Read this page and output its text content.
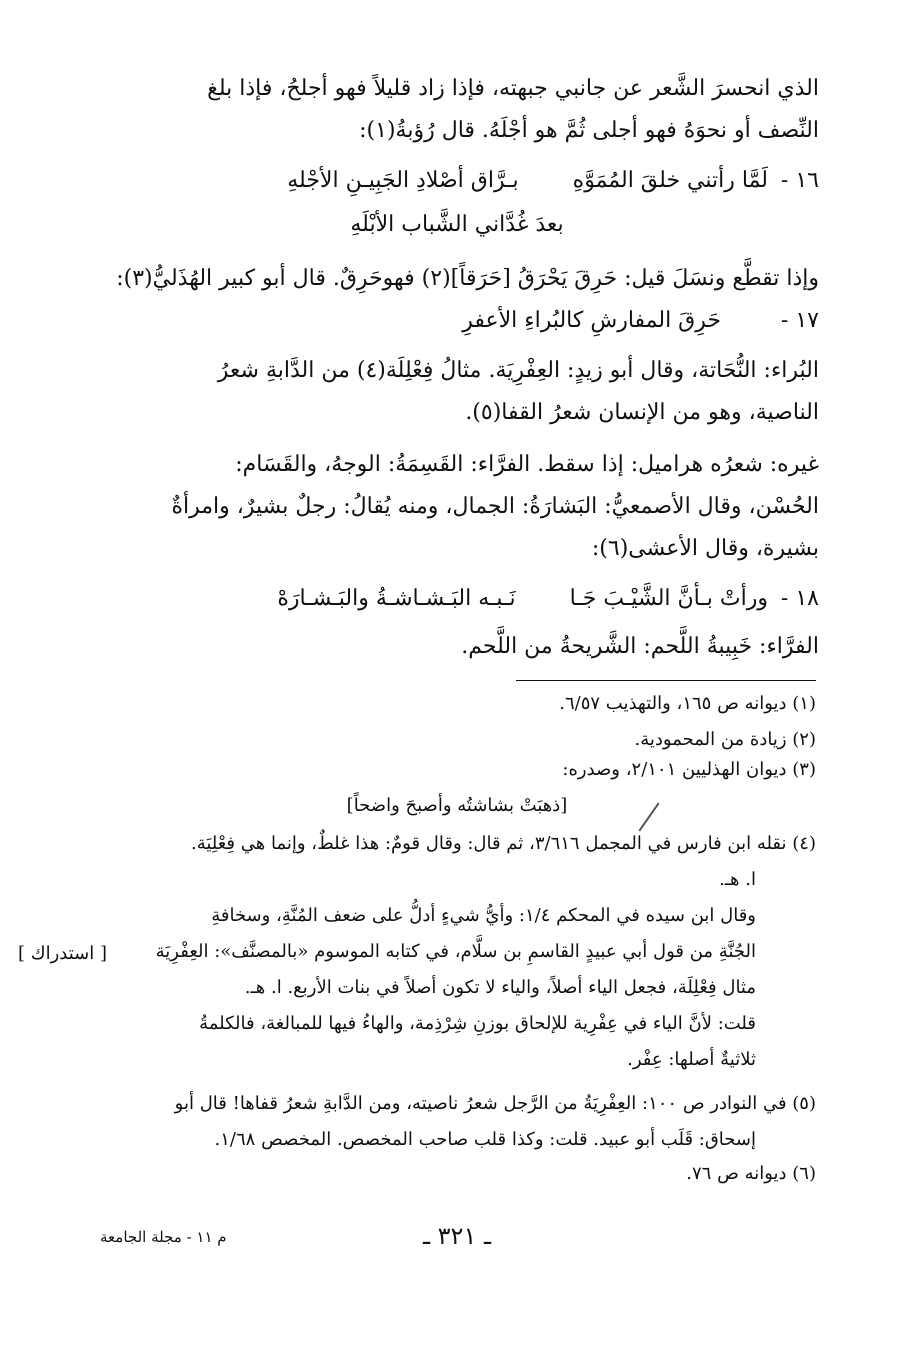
الذي انحسرَ الشَّعر عن جانبي جبهته، فإذا زاد قليلاً فهو أجلحُ، فإذا بلغ
النِّصف أو نحوَهُ فهو أجلى ثُمَّ هو أجْلَهُ. قال رُؤبةُ(١):
١٦ - لَمَّا رأتني خلقَ المُمَوَّهِ  بـرَّاق أصْلادِ الجَبِيـنِ الأجْلهِ
بعدَ غُدَّاني الشَّباب الأبْلَهِ
وإذا تقطَّع ونسَلَ قيل: حَرِقَ يَحْرَقُ [حَرَقاً](٢) فهوحَرِقٌ. قال أبو كبير الهُذَليُّ(٣):
١٧ -  حَرِقَ المفارشِ كالبُراءِ الأعفرِ
البُراء: النُّحَاتة، وقال أبو زيدٍ: العِفْرِيَة. مثالُ فِعْلِلَة(٤) من الدَّابةِ شعرُ
الناصية، وهو من الإنسان شعرُ القفا(٥).
غيره: شعرُه هراميل: إذا سقط. الفرَّاء: القَسِمَةُ: الوجهُ، والقَسَام:
الحُسْن، وقال الأصمعيُّ: البَشارَةُ: الجمال، ومنه يُقالُ: رجلٌ بشيرٌ، وامرأةٌ
بشيرة، وقال الأعشى(٦):
١٨ - ورأتْ بـأنَّ الشَّيْـبَ جَـا  نَـبـه البَـشـاشـةُ والبَـشـارَهْ
الفرَّاء: خَبِيبةُ اللَّحم: الشَّريحةُ من اللَّحم.
(١) ديوانه ص ١٦٥، والتهذيب ٦/٥٧.
(٢) زيادة من المحمودية.
(٣) ديوان الهذليين ٢/١٠١، وصدره:
[ذهبَتْ بشاشتُه وأصبحَ واضحاً]
(٤) نقله ابن فارس في المجمل ٣/٦١٦، ثم قال: وقال قومٌ: هذا غلطٌ، وإنما هي فِعْلِيَة.
ا. هـ.
وقال ابن سيده في المحكم ١/٤: وأيُّ شيءٍ أدلُّ على ضعف المُنَّةِ، وسخافةِ
الجُنَّةِ من قول أبي عبيدٍ القاسمِ بن سلَّام، في كتابه الموسوم «بالمصنَّف»: العِفْرِيَة
[ استدراك ]
مثال فِعْلِلَة، فجعل الياء أصلاً، والياء لا تكون أصلاً في بنات الأربع. ا. هـ.
قلت: لأنَّ الياء في عِفْرِية للإلحاق بوزنِ شِرْذِمة، والهاءُ فيها للمبالغة، فالكلمةُ
ثلاثيةٌ أصلها: عِفْر.
(٥) في النوادر ص ١٠٠: العِفْرِيَةُ من الرَّجل شعرُ ناصيته، ومن الدَّابةِ شعرُ قفاها! قال أبو
إسحاق: قَلَب أبو عبيد. قلت: وكذا قلب صاحب المخصص. المخصص ١/٦٨.
(٦) ديوانه ص ٧٦.
ـ ٣٢١ ـ
م ١١ - مجلة الجامعة
